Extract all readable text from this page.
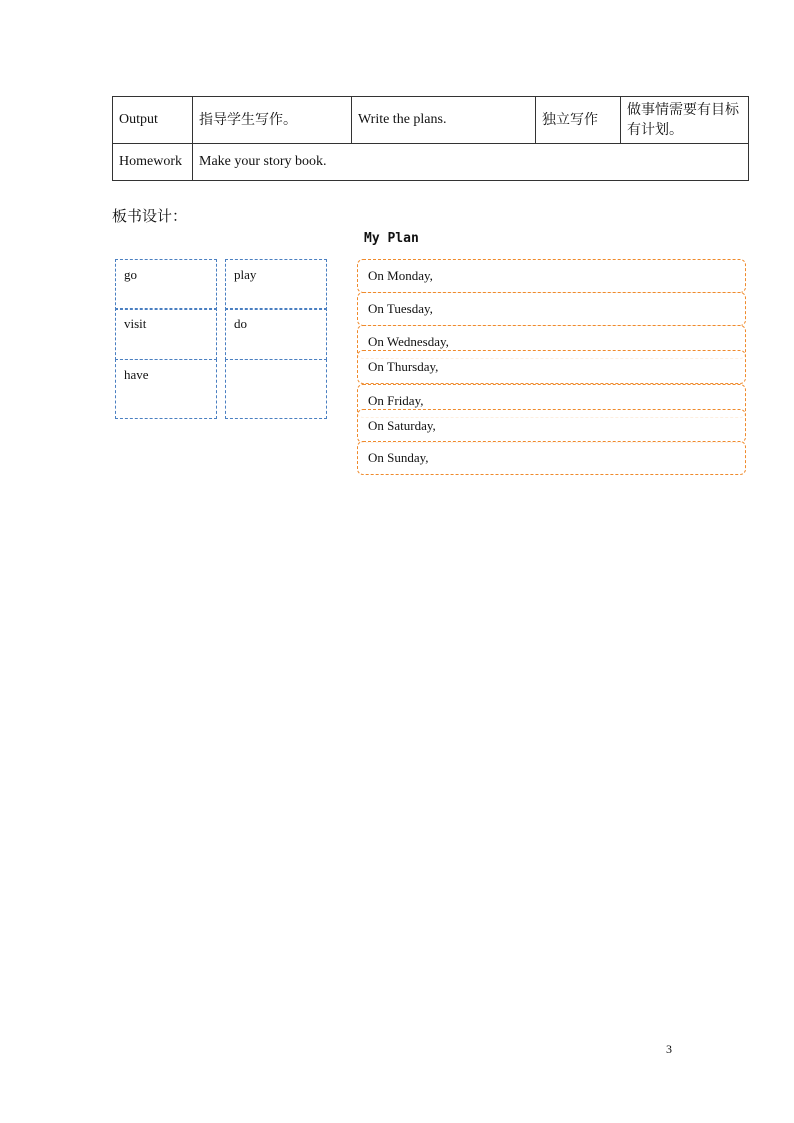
Output	指导学生写作。	Write the plans.	独立写作	做事情需要有目标有计划。
Homework	Make your story book.			
板书设计：
My Plan
go	play
visit	do
have
On Monday,
On Tuesday,
On Wednesday,
On Thursday,
On Friday,
On Saturday,
On Sunday,
3
